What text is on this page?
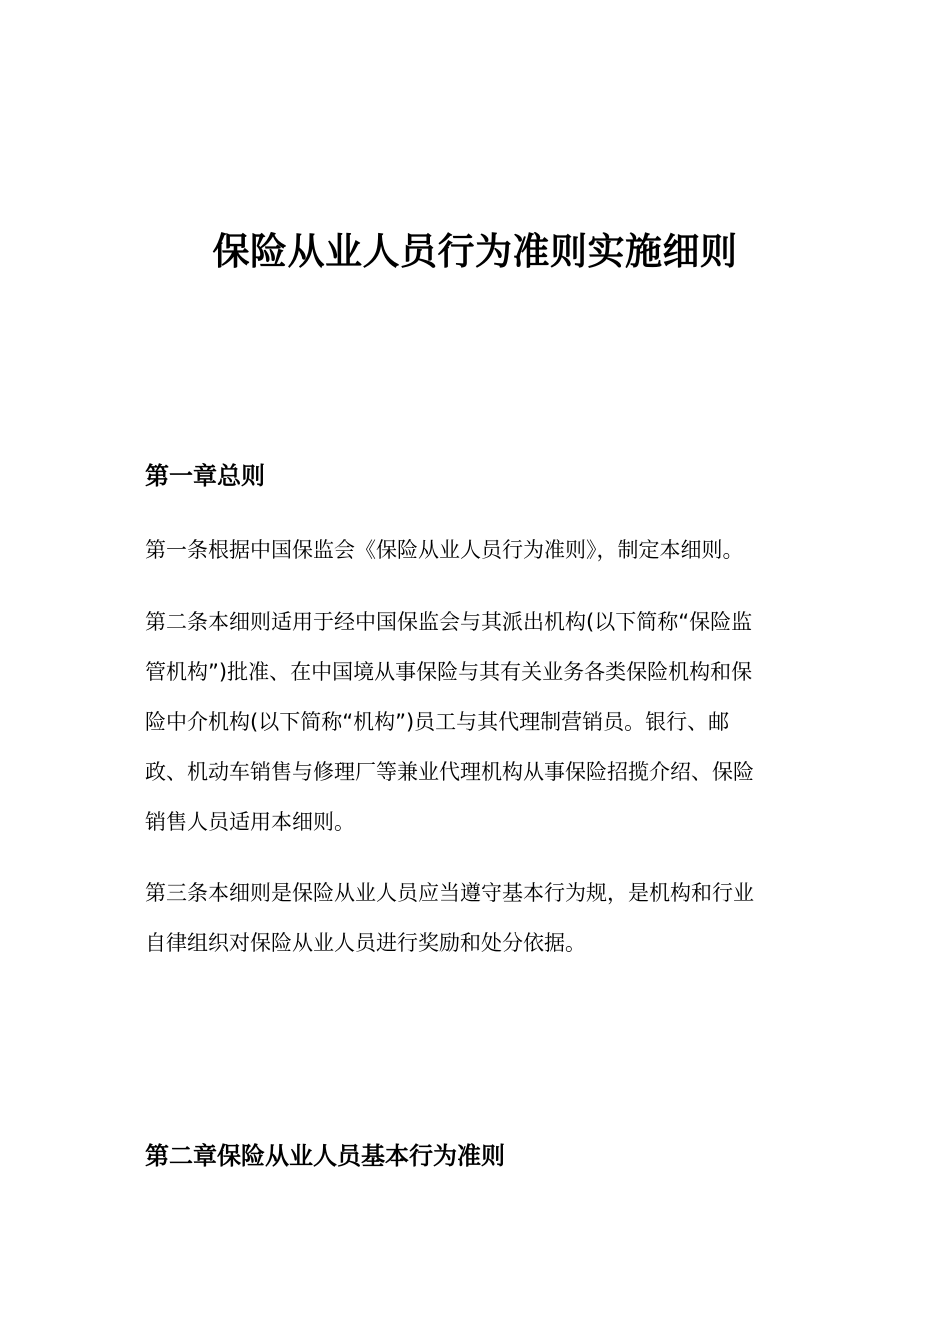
保险从业人员行为准则实施细则
第一章总则

第一条根据中国保监会《保险从业人员行为准则》，制定本细则。

第二条本细则适用于经中国保监会与其派出机构(以下简称“保险监
管机构”)批准、在中国境从事保险与其有关业务各类保险机构和保
险中介机构(以下简称“机构”)员工与其代理制营销员。银行、邮
政、机动车销售与修理厂等兼业代理机构从事保险招揽介绍、保险
销售人员适用本细则。

第三条本细则是保险从业人员应当遵守基本行为规，是机构和行业
自律组织对保险从业人员进行奖励和处分依据。

第二章保险从业人员基本行为准则
